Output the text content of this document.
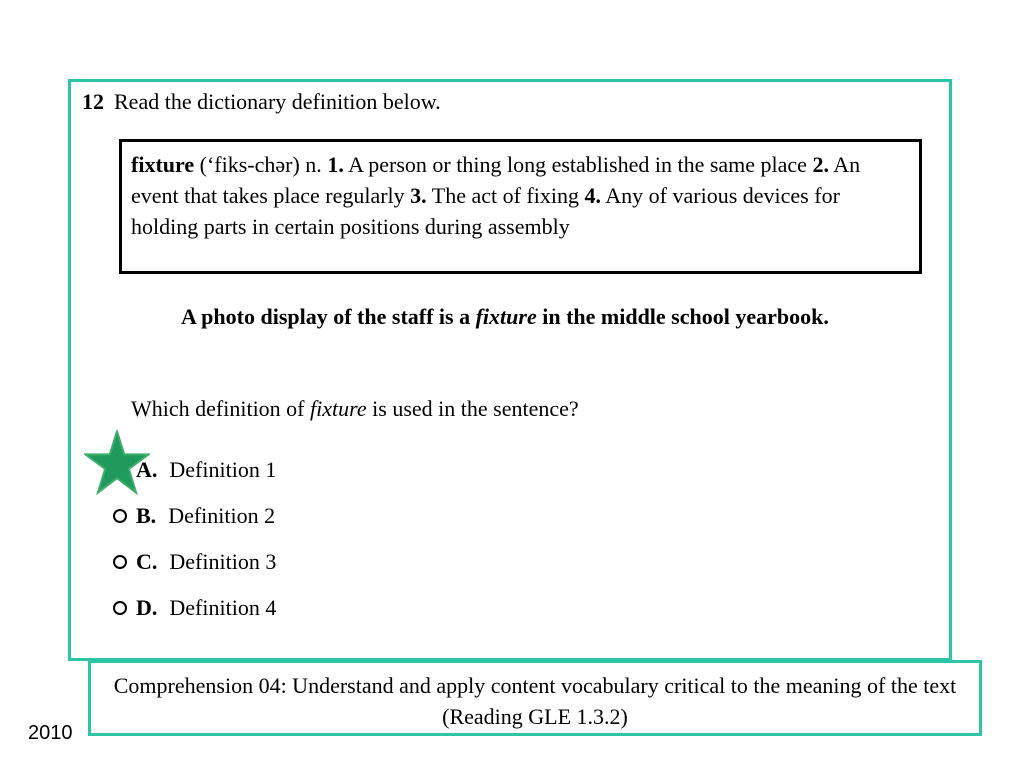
12 Read the dictionary definition below.
fixture (‘fiks-chər) n. 1. A person or thing long established in the same place 2. An event that takes place regularly 3. The act of fixing 4. Any of various devices for holding parts in certain positions during assembly
A photo display of the staff is a fixture in the middle school yearbook.
Which definition of fixture is used in the sentence?
A. Definition 1
B. Definition 2
C. Definition 3
D. Definition 4
Comprehension 04: Understand and apply content vocabulary critical to the meaning of the text (Reading GLE 1.3.2)
2010
